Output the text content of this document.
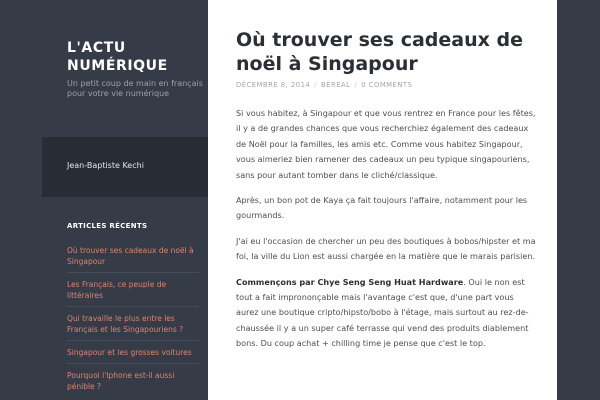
L'ACTU
NUMÉRIQUE
Un petit coup de main en français pour votre vie numérique
Jean-Baptiste Kechi
ARTICLES RÉCENTS
Où trouver ses cadeaux de noël à Singapour
Les Français, ce peuple de littéraires
Qui travaille le plus entre les Français et les Singapouriens ?
Singapour et les grosses voitures
Pourquoi l'Iphone est-il aussi pénible ?
Où trouver ses cadeaux de noël à Singapour
DÉCEMBRE 8, 2014 / BEREAL / 0 COMMENTS

Si vous habitez, à Singapour et que vous rentrez en France pour les fêtes, il y a de grandes chances que vous recherchiez également des cadeaux de Noël pour la familles, les amis etc. Comme vous habitez Singapour, vous aimeriez bien ramener des cadeaux un peu typique singapouriens, sans pour autant tomber dans le cliché/classique.

Après, un bon pot de Kaya ça fait toujours l'affaire, notamment pour les gourmands.

J'ai eu l'occasion de chercher un peu des boutiques à bobos/hipster et ma foi, la ville du Lion est aussi chargée en la matière que le marais parisien.

Commençons par Chye Seng Seng Huat Hardware. Oui le non est tout a fait imprononçable mais l'avantage c'est que, d'une part vous aurez une boutique cripto/hipsto/bobo à l'étage, mais surtout au rez-de-chaussée il y a un super café terrasse qui vend des produits diablement bons. Du coup achat + chilling time je pense que c'est le top.
